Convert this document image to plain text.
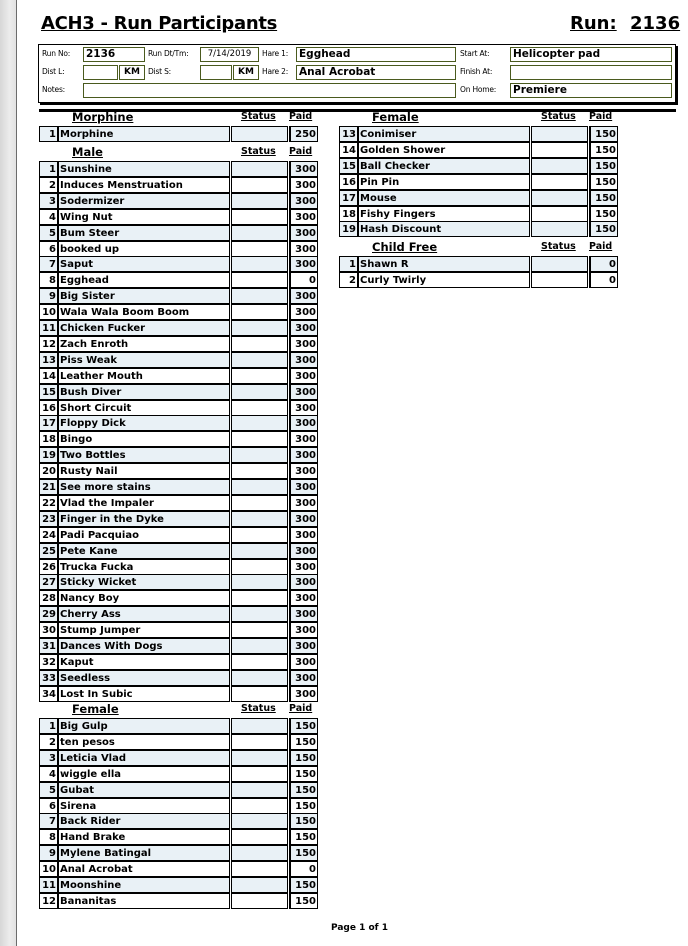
ACH3 - Run Participants	Run: 2136
Run No: 2136	Run Dt/Tm:	7/14/2019	Hare 1: Egghead	Start At: Helicopter pad
Dist L:	KM	Dist S:	KM	Hare 2: Anal Acrobat	Finish At:
Notes:	On Home: Premiere
Morphine	Status Paid
1 Morphine	250
Male	Status Paid
1 Sunshine	300
2 Induces Menstruation	300
3 Sodermizer	300
4 Wing Nut	300
5 Bum Steer	300
6 booked up	300
7 Saput	300
8 Egghead	0
9 Big Sister	300
10 Wala Wala Boom Boom	300
11 Chicken Fucker	300
12 Zach Enroth	300
13 Piss Weak	300
14 Leather Mouth	300
15 Bush Diver	300
16 Short Circuit	300
17 Floppy Dick	300
18 Bingo	300
19 Two Bottles	300
20 Rusty Nail	300
21 See more stains	300
22 Vlad the Impaler	300
23 Finger in the Dyke	300
24 Padi Pacquiao	300
25 Pete Kane	300
26 Trucka Fucka	300
27 Sticky Wicket	300
28 Nancy Boy	300
29 Cherry Ass	300
30 Stump Jumper	300
31 Dances With Dogs	300
32 Kaput	300
33 Seedless	300
34 Lost In Subic	300
Female	Status Paid
1 Big Gulp	150
2 ten pesos	150
3 Leticia Vlad	150
4 wiggle ella	150
5 Gubat	150
6 Sirena	150
7 Back Rider	150
8 Hand Brake	150
9 Mylene Batingal	150
10 Anal Acrobat	0
11 Moonshine	150
12 Bananitas	150
Female	Status Paid
13 Conimiser	150
14 Golden Shower	150
15 Ball Checker	150
16 Pin Pin	150
17 Mouse	150
18 Fishy Fingers	150
19 Hash Discount	150
Child Free	Status Paid
1 Shawn R	0
2 Curly Twirly	0
Page 1 of 1
